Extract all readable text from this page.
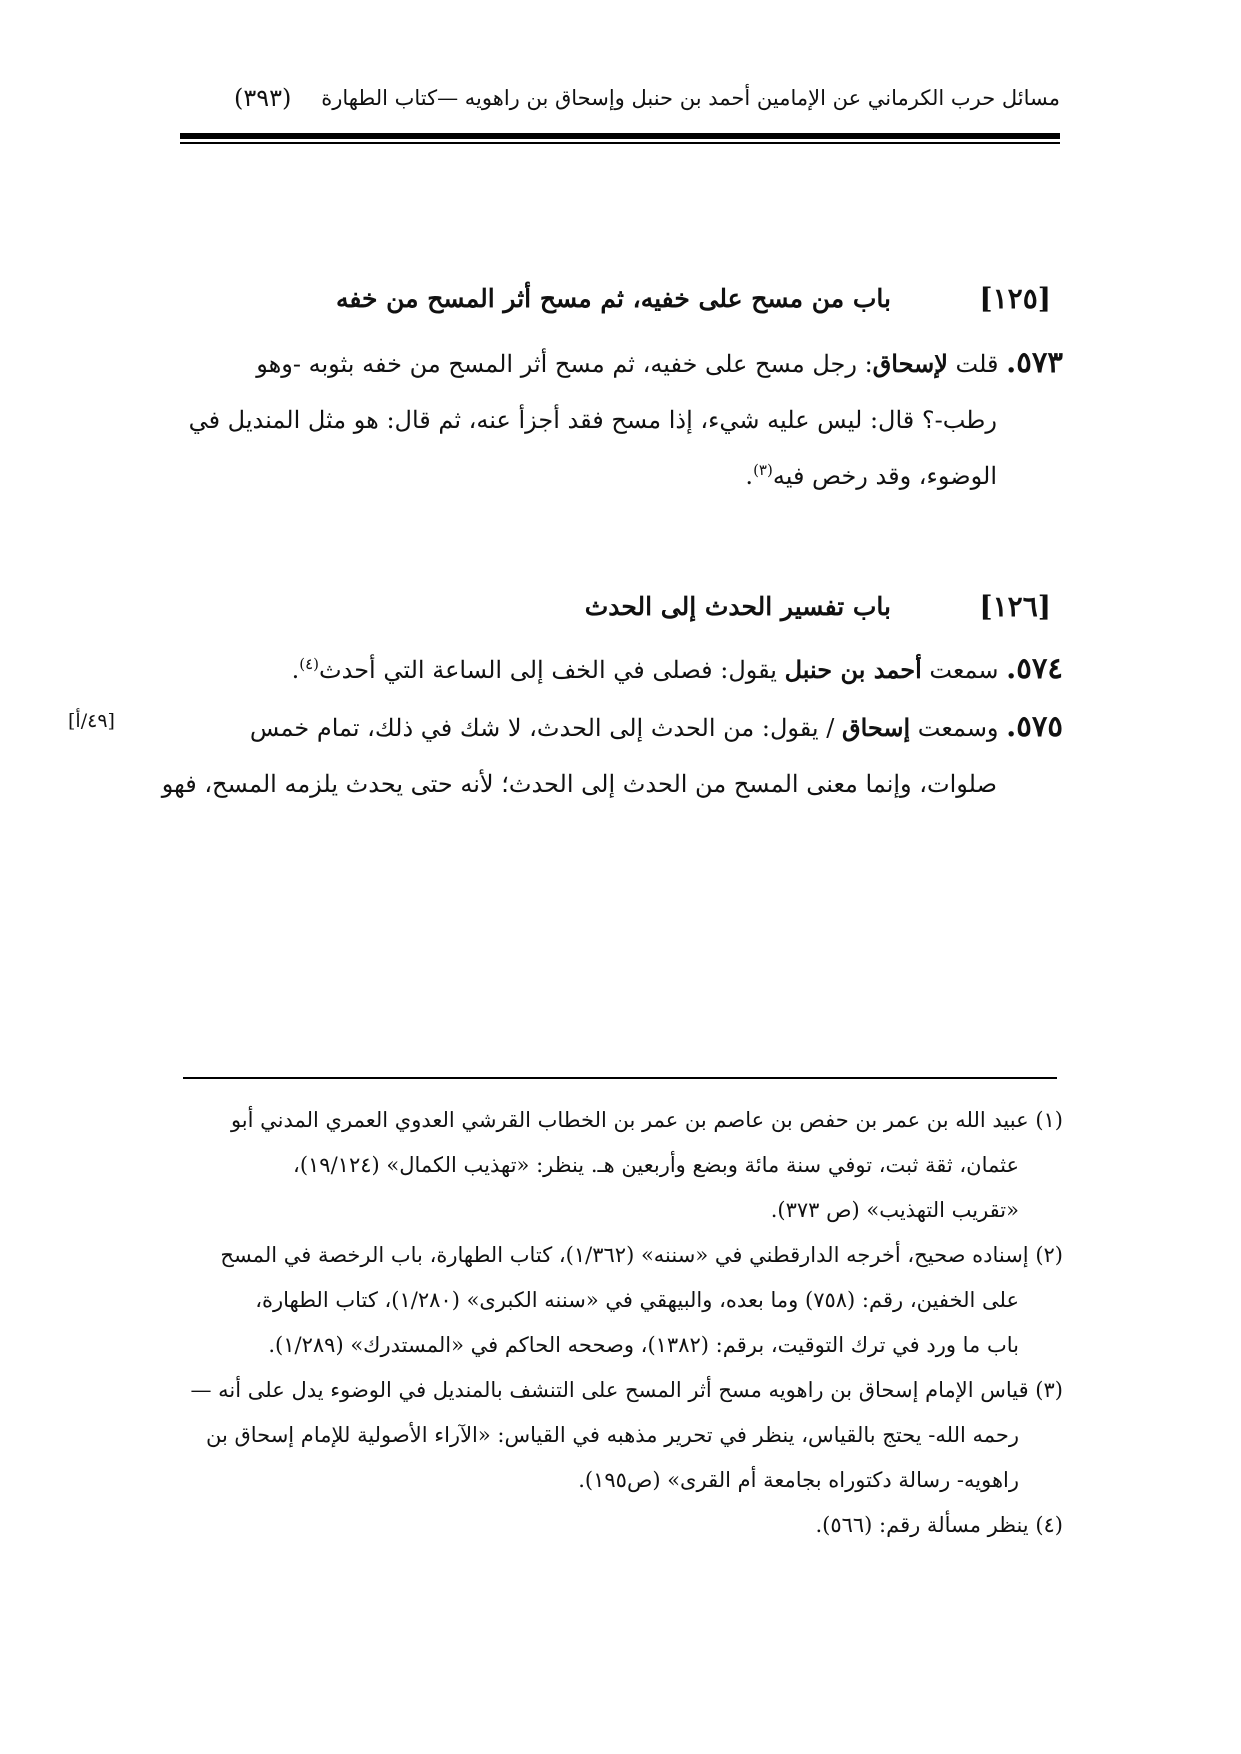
(٣٩٣) مسائل حرب الكرماني عن الإمامين أحمد بن حنبل وإسحاق بن راهويه —كتاب الطهارة
[١٢٥]
باب من مسح على خفيه، ثم مسح أثر المسح من خفه
٥٧٣. قلت لإسحاق: رجل مسح على خفيه، ثم مسح أثر المسح من خفه بثوبه -وهو
رطب-؟ قال: ليس عليه شيء، إذا مسح فقد أجزأ عنه، ثم قال: هو مثل المنديل في
الوضوء، وقد رخص فيه$^{(٣)}$.
[١٢٦]
باب تفسير الحدث إلى الحدث
٥٧٤. سمعت أحمد بن حنبل يقول: فصلى في الخف إلى الساعة التي أحدث$^{(٤)}$.
٥٧٥. وسمعت إسحاق / يقول: من الحدث إلى الحدث، لا شك في ذلك، تمام خمس
صلوات، وإنما معنى المسح من الحدث إلى الحدث؛ لأنه حتى يحدث يلزمه المسح، فهو
[٤٩/أ]
(١) عبيد الله بن عمر بن حفص بن عاصم بن عمر بن الخطاب القرشي العدوي العمري المدني أبو
عثمان، ثقة ثبت، توفي سنة مائة وبضع وأربعين هـ. ينظر: «تهذيب الكمال» (١٩/١٢٤)،
«تقريب التهذيب» (ص ٣٧٣).
(٢) إسناده صحيح، أخرجه الدارقطني في «سننه» (١/٣٦٢)، كتاب الطهارة، باب الرخصة في المسح
على الخفين، رقم: (٧٥٨) وما بعده، والبيهقي في «سننه الكبرى» (١/٢٨٠)، كتاب الطهارة،
باب ما ورد في ترك التوقيت، برقم: (١٣٨٢)، وصححه الحاكم في «المستدرك» (١/٢٨٩).
(٣) قياس الإمام إسحاق بن راهويه مسح أثر المسح على التنشف بالمنديل في الوضوء يدل على أنه —
رحمه الله- يحتج بالقياس، ينظر في تحرير مذهبه في القياس: «الآراء الأصولية للإمام إسحاق بن
راهويه- رسالة دكتوراه بجامعة أم القرى» (ص١٩٥).
(٤) ينظر مسألة رقم: (٥٦٦).
